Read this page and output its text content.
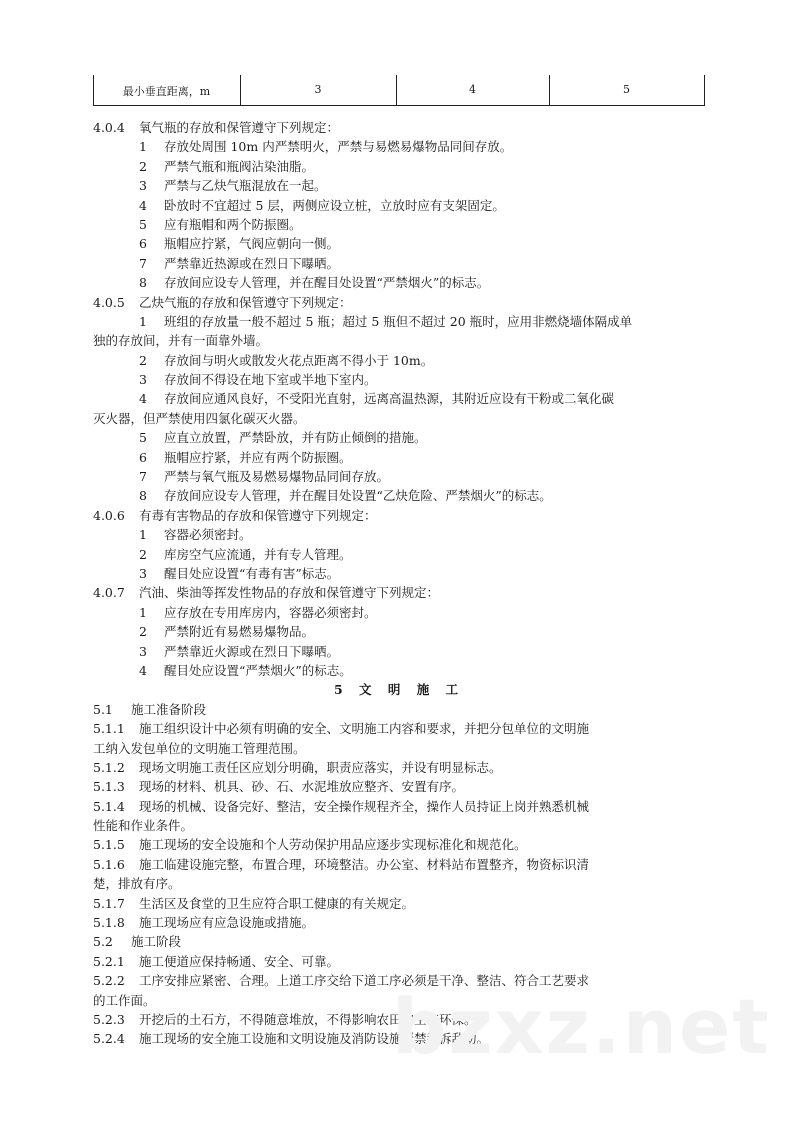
最小垂直距离，m	3	4	5
4.0.4 氧气瓶的存放和保管遵守下列规定：
1 存放处周围 10m 内严禁明火，严禁与易燃易爆物品同间存放。
2 严禁气瓶和瓶阀沾染油脂。
3 严禁与乙炔气瓶混放在一起。
4 卧放时不宜超过 5 层，两侧应设立桩，立放时应有支架固定。
5 应有瓶帽和两个防振圈。
6 瓶帽应拧紧，气阀应朝向一侧。
7 严禁靠近热源或在烈日下曝晒。
8 存放间应设专人管理，并在醒目处设置“严禁烟火”的标志。
4.0.5 乙炔气瓶的存放和保管遵守下列规定：
1 班组的存放量一般不超过 5 瓶；超过 5 瓶但不超过 20 瓶时，应用非燃烧墙体隔成单
独的存放间，并有一面靠外墙。
2 存放间与明火或散发火花点距离不得小于 10m。
3 存放间不得设在地下室或半地下室内。
4 存放间应通风良好，不受阳光直射，远离高温热源，其附近应设有干粉或二氧化碳
灭火器，但严禁使用四氯化碳灭火器。
5 应直立放置，严禁卧放，并有防止倾倒的措施。
6 瓶帽应拧紧，并应有两个防振圈。
7 严禁与氧气瓶及易燃易爆物品同间存放。
8 存放间应设专人管理，并在醒目处设置“乙炔危险、严禁烟火”的标志。
4.0.6 有毒有害物品的存放和保管遵守下列规定：
1 容器必须密封。
2 库房空气应流通，并有专人管理。
3 醒目处应设置“有毒有害”标志。
4.0.7 汽油、柴油等挥发性物品的存放和保管遵守下列规定：
1 应存放在专用库房内，容器必须密封。
2 严禁附近有易燃易爆物品。
3 严禁靠近火源或在烈日下曝晒。
4 醒目处应设置“严禁烟火”的标志。
5 文 明 施 工
5.1 施工准备阶段
5.1.1 施工组织设计中必须有明确的安全、文明施工内容和要求，并把分包单位的文明施
工纳入发包单位的文明施工管理范围。
5.1.2 现场文明施工责任区应划分明确，职责应落实，并设有明显标志。
5.1.3 现场的材料、机具、砂、石、水泥堆放应整齐、安置有序。
5.1.4 现场的机械、设备完好、整洁，安全操作规程齐全，操作人员持证上岗并熟悉机械
性能和作业条件。
5.1.5 施工现场的安全设施和个人劳动保护用品应逐步实现标准化和规范化。
5.1.6 施工临建设施完整，布置合理，环境整洁。办公室、材料站布置整齐，物资标识清
楚，排放有序。
5.1.7 生活区及食堂的卫生应符合职工健康的有关规定。
5.1.8 施工现场应有应急设施或措施。
5.2 施工阶段
5.2.1 施工便道应保持畅通、安全、可靠。
5.2.2 工序安排应紧密、合理。上道工序交给下道工序必须是干净、整洁、符合工艺要求
的工作面。
5.2.3 开挖后的土石方，不得随意堆放，不得影响农田和生态环保。
5.2.4 施工现场的安全施工设施和文明设施及消防设施严禁乱拆乱动。
bzxz.net
